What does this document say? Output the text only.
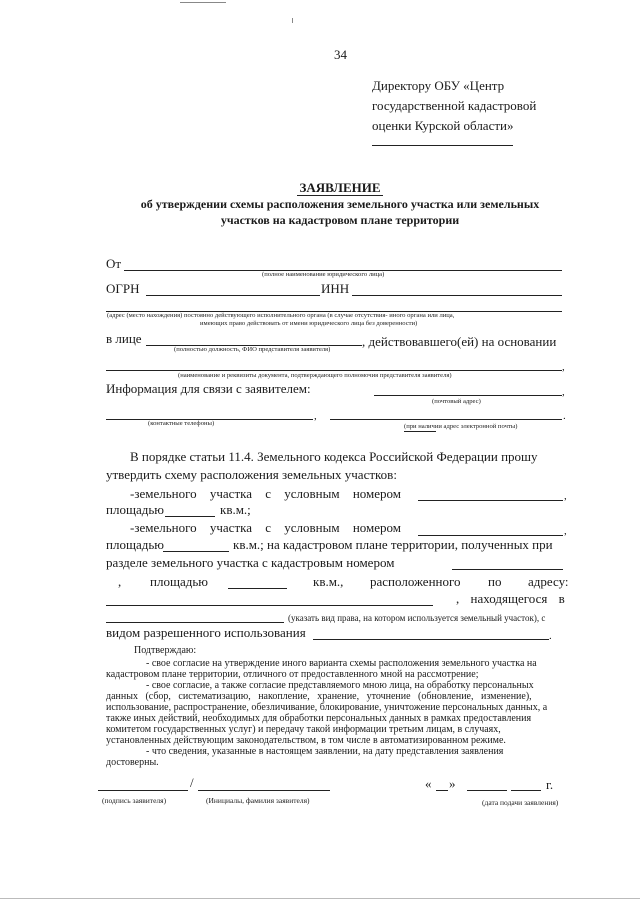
34
Директору ОБУ «Центр
государственной кадастровой
оценки Курской области»
ЗАЯВЛЕНИЕ
об утверждении схемы расположения земельного участка или земельных
участков на кадастровом плане территории
От
(полное наименование юридического лица)
ОГРН	ИНН
(адрес (место нахождения) постоянно действующего исполнительного органа (в случае отсутствия- иного органа или лица,
имеющих право действовать от имени юридического лица без доверенности)
в лице	, действовавшего(ей) на основании
(полностью должность, ФИО представителя заявителя)
,
(наименование и реквизиты документа, подтверждающего полномочия представителя заявителя)
Информация для связи с заявителем:	,
(почтовый адрес)
,	.
(контактные телефоны)	(при наличии адрес электронной почты)
В порядке статьи 11.4. Земельного кодекса Российской Федерации прошу
утвердить схему расположения земельных участков:
-земельного участка с условным номером	,
площадью	кв.м.;
-земельного участка с условным номером	,
площадью	кв.м.; на кадастровом плане территории, полученных при
разделе земельного участка с кадастровым номером
, площадью	кв.м., расположенного по адресу:
, находящегося в
(указать вид права, на котором используется земельный участок), с
видом разрешенного использования	.
Подтверждаю:
- свое согласие на утверждение иного варианта схемы расположения земельного участка на
кадастровом плане территории, отличного от предоставленного мной на рассмотрение;
- свое согласие, а также согласие представляемого мною лица, на обработку персональных
данных (сбор, систематизацию, накопление, хранение, уточнение (обновление, изменение),
использование, распространение, обезличивание, блокирование, уничтожение персональных данных, а
также иных действий, необходимых для обработки персональных данных в рамках предоставления
комитетом государственных услуг) и передачу такой информации третьим лицам, в случаях,
установленных действующим законодательством, в том числе в автоматизированном режиме.
- что сведения, указанные в настоящем заявлении, на дату представления заявления
достоверны.
/	« »	г.
(подпись заявителя)	(Инициалы, фамилия заявителя)	(дата подачи заявления)
